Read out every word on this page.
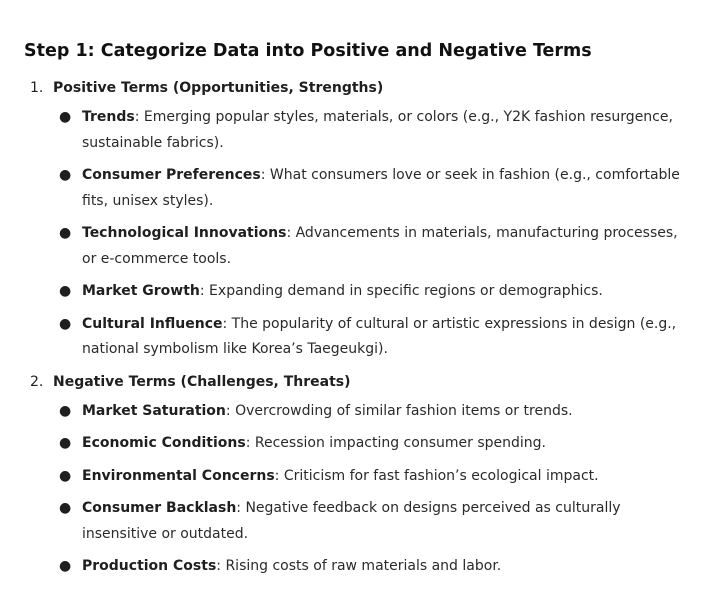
Step 1: Categorize Data into Positive and Negative Terms
1. Positive Terms (Opportunities, Strengths)
● Trends: Emerging popular styles, materials, or colors (e.g., Y2K fashion resurgence, sustainable fabrics).
● Consumer Preferences: What consumers love or seek in fashion (e.g., comfortable fits, unisex styles).
● Technological Innovations: Advancements in materials, manufacturing processes, or e-commerce tools.
● Market Growth: Expanding demand in specific regions or demographics.
● Cultural Influence: The popularity of cultural or artistic expressions in design (e.g., national symbolism like Korea’s Taegeukgi).
2. Negative Terms (Challenges, Threats)
● Market Saturation: Overcrowding of similar fashion items or trends.
● Economic Conditions: Recession impacting consumer spending.
● Environmental Concerns: Criticism for fast fashion’s ecological impact.
● Consumer Backlash: Negative feedback on designs perceived as culturally insensitive or outdated.
● Production Costs: Rising costs of raw materials and labor.
